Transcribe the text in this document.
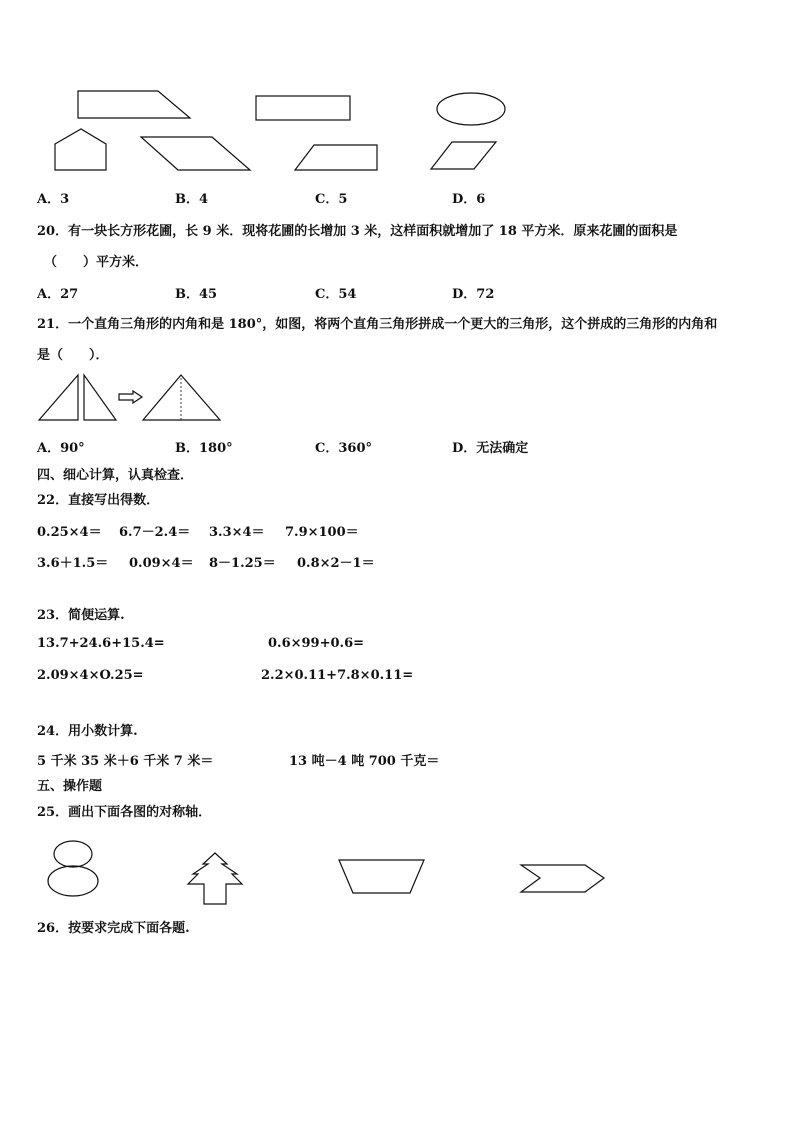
A．3	B．4	C．5	D．6
20．有一块长方形花圃，长 9 米．现将花圃的长增加 3 米，这样面积就增加了 18 平方米．原来花圃的面积是
（　　）平方米．
A．27	B．45	C．54	D．72
21．一个直角三角形的内角和是 180°，如图，将两个直角三角形拼成一个更大的三角形，这个拼成的三角形的内角和
是（　　）．
A．90°	B．180°	C．360°	D．无法确定
四、细心计算，认真检查．
22．直接写出得数．
0.25×4＝ 6.7－2.4＝ 3.3×4＝ 7.9×100＝
3.6＋1.5＝ 0.09×4＝ 8－1.25＝ 0.8×2－1＝
23．简便运算.
13.7+24.6+15.4=	0.6×99+0.6=
2.09×4×O.25=	2.2×0.11+7.8×0.11=
24．用小数计算.
5 千米 35 米＋6 千米 7 米＝	13 吨－4 吨 700 千克＝
五、操作题
25．画出下面各图的对称轴．
26．按要求完成下面各题.
